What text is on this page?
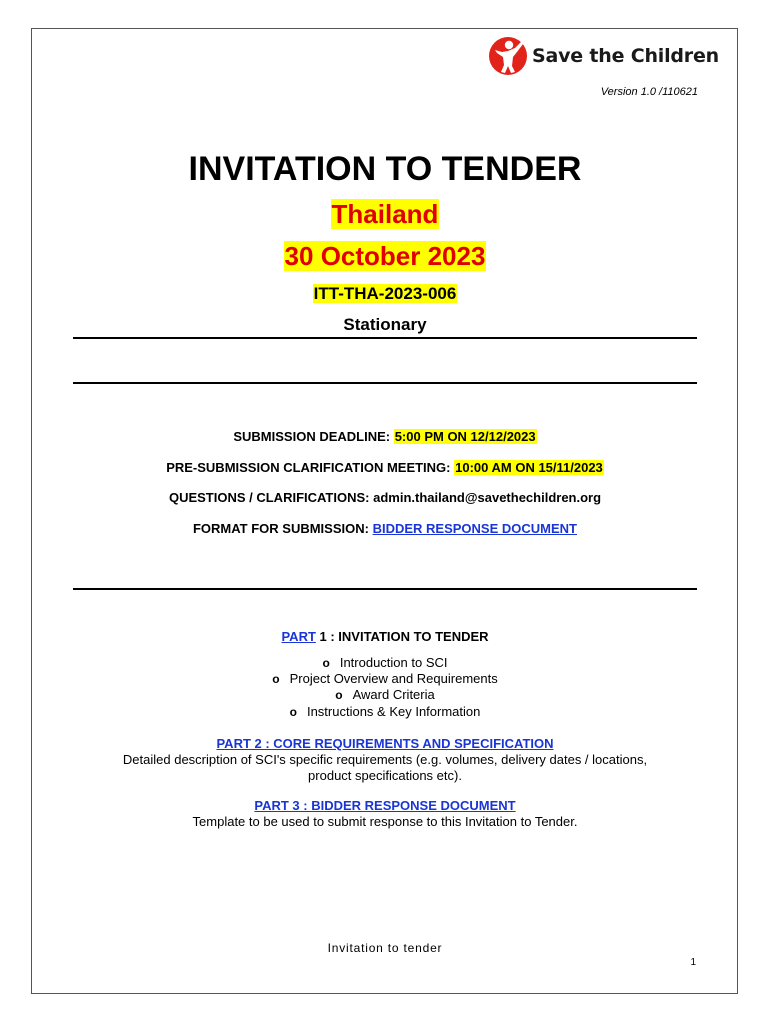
Save the Children
Version 1.0 /110621
INVITATION TO TENDER
Thailand
30 October 2023
ITT-THA-2023-006
Stationary
SUBMISSION DEADLINE: 5:00 PM ON 12/12/2023
PRE-SUBMISSION CLARIFICATION MEETING: 10:00 AM ON 15/11/2023
QUESTIONS / CLARIFICATIONS: admin.thailand@savethechildren.org
FORMAT FOR SUBMISSION: BIDDER RESPONSE DOCUMENT
PART 1 : INVITATION TO TENDER
o Introduction to SCI
o Project Overview and Requirements
o Award Criteria
o Instructions & Key Information
PART 2 : CORE REQUIREMENTS AND SPECIFICATION
Detailed description of SCI's specific requirements (e.g. volumes, delivery dates / locations,
product specifications etc).
PART 3 : BIDDER RESPONSE DOCUMENT
Template to be used to submit response to this Invitation to Tender.
Invitation to tender
1
